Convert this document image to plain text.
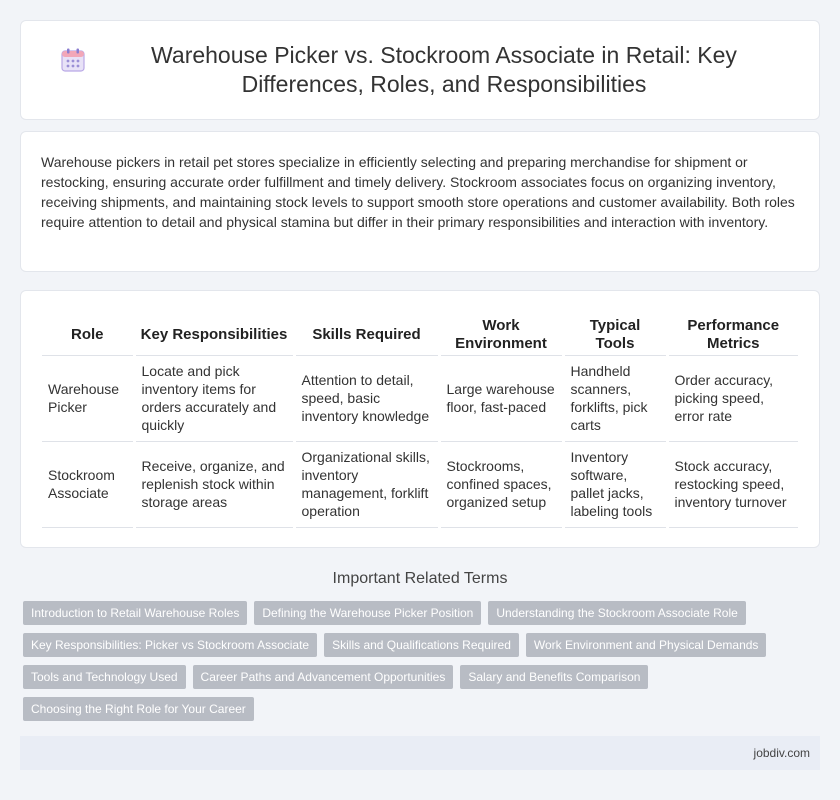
Warehouse Picker vs. Stockroom Associate in Retail: Key Differences, Roles, and Responsibilities

Warehouse pickers in retail pet stores specialize in efficiently selecting and preparing merchandise for shipment or restocking, ensuring accurate order fulfillment and timely delivery. Stockroom associates focus on organizing inventory, receiving shipments, and maintaining stock levels to support smooth store operations and customer availability. Both roles require attention to detail and physical stamina but differ in their primary responsibilities and interaction with inventory.

Role	Key Responsibilities	Skills Required	Work Environment	Typical Tools	Performance Metrics
Warehouse Picker	Locate and pick inventory items for orders accurately and quickly	Attention to detail, speed, basic inventory knowledge	Large warehouse floor, fast-paced	Handheld scanners, forklifts, pick carts	Order accuracy, picking speed, error rate
Stockroom Associate	Receive, organize, and replenish stock within storage areas	Organizational skills, inventory management, forklift operation	Stockrooms, confined spaces, organized setup	Inventory software, pallet jacks, labeling tools	Stock accuracy, restocking speed, inventory turnover
Important Related Terms
Introduction to Retail Warehouse Roles	Defining the Warehouse Picker Position	Understanding the Stockroom Associate Role
Key Responsibilities: Picker vs Stockroom Associate	Skills and Qualifications Required	Work Environment and Physical Demands
Tools and Technology Used	Career Paths and Advancement Opportunities	Salary and Benefits Comparison
Choosing the Right Role for Your Career
jobdiv.com
